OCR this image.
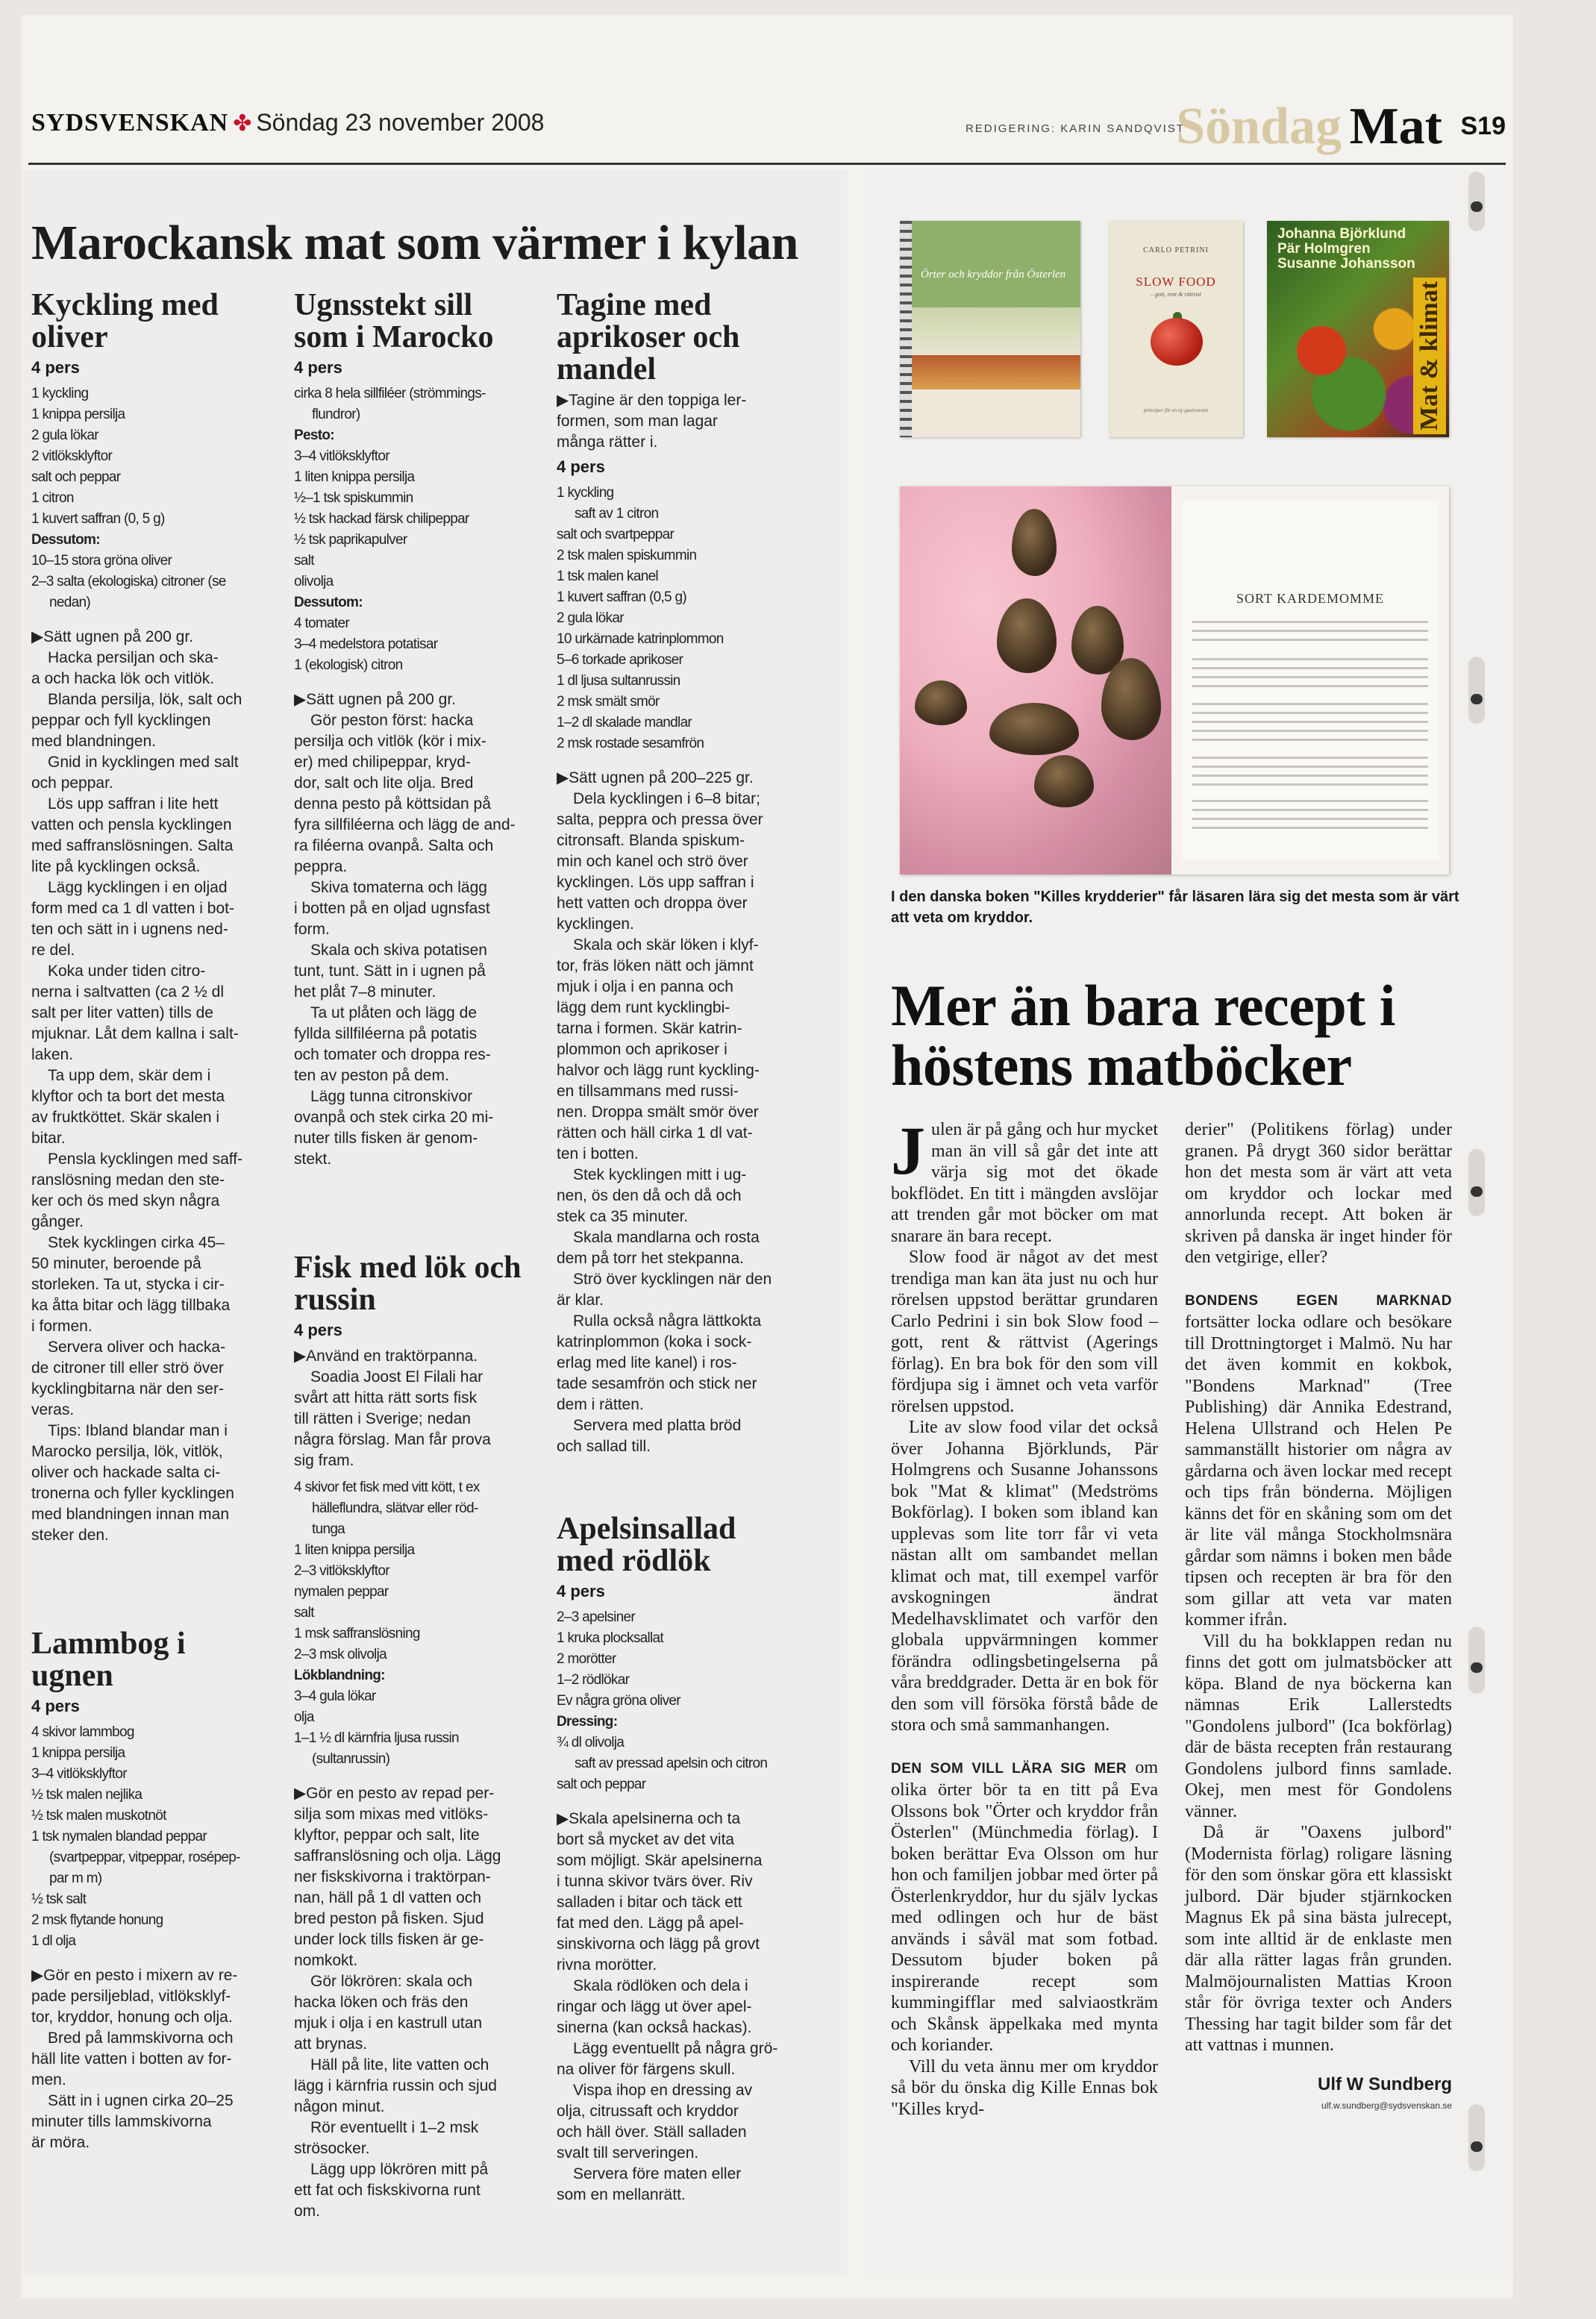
SYDSVENSKAN ✤ Söndag 23 november 2008	REDIGERING: KARIN SANDQVIST
Söndag Mat S19
Marockansk mat som värmer i kylan
Kyckling med oliver
4 pers
1 kyckling
1 knippa persilja
2 gula lökar
2 vitlöksklyftor
salt och peppar
1 citron
1 kuvert saffran (0, 5 g)
Dessutom:
10–15 stora gröna oliver
2–3 salta (ekologiska) citroner (se
nedan)

▶Sätt ugnen på 200 gr.

Hacka persiljan och ska-

a och hacka lök och vitlök.

Blanda persilja, lök, salt och

peppar och fyll kycklingen

med blandningen.

Gnid in kycklingen med salt

och peppar.

Lös upp saffran i lite hett

vatten och pensla kycklingen

med saffranslösningen. Salta

lite på kycklingen också.

Lägg kycklingen i en oljad

form med ca 1 dl vatten i bot-

ten och sätt in i ugnens ned-

re del.

Koka under tiden citro-

nerna i saltvatten (ca 2 ½ dl

salt per liter vatten) tills de

mjuknar. Låt dem kallna i salt-

laken.

Ta upp dem, skär dem i

klyftor och ta bort det mesta

av fruktköttet. Skär skalen i

bitar.

Pensla kycklingen med saff-

ranslösning medan den ste-

ker och ös med skyn några

gånger.

Stek kycklingen cirka 45–

50 minuter, beroende på

storleken. Ta ut, stycka i cir-

ka åtta bitar och lägg tillbaka

i formen.

Servera oliver och hacka-

de citroner till eller strö över

kycklingbitarna när den ser-

veras.

Tips: Ibland blandar man i

Marocko persilja, lök, vitlök,

oliver och hackade salta ci-

tronerna och fyller kycklingen

med blandningen innan man

steker den.

Ugnsstekt sill som i Marocko
4 pers
cirka 8 hela sillfiléer (strömmings-
flundror)
Pesto:
3–4 vitlöksklyftor
1 liten knippa persilja
½–1 tsk spiskummin
½ tsk hackad färsk chilipeppar
½ tsk paprikapulver
salt
olivolja
Dessutom:
4 tomater
3–4 medelstora potatisar
1 (ekologisk) citron

▶Sätt ugnen på 200 gr.

Gör peston först: hacka

persilja och vitlök (kör i mix-

er) med chilipeppar, kryd-

dor, salt och lite olja. Bred

denna pesto på köttsidan på

fyra sillfiléerna och lägg de and-

ra filéerna ovanpå. Salta och

peppra.

Skiva tomaterna och lägg

i botten på en oljad ugnsfast

form.

Skala och skiva potatisen

tunt, tunt. Sätt in i ugnen på

het plåt 7–8 minuter.

Ta ut plåten och lägg de

fyllda sillfiléerna på potatis

och tomater och droppa res-

ten av peston på dem.

Lägg tunna citronskivor

ovanpå och stek cirka 20 mi-

nuter tills fisken är genom-

stekt.

Tagine med aprikoser och mandel

▶Tagine är den toppiga ler-

formen, som man lagar

många rätter i.

4 pers
1 kyckling
saft av 1 citron
salt och svartpeppar
2 tsk malen spiskummin
1 tsk malen kanel
1 kuvert saffran (0,5 g)
2 gula lökar
10 urkärnade katrinplommon
5–6 torkade aprikoser
1 dl ljusa sultanrussin
2 msk smält smör
1–2 dl skalade mandlar
2 msk rostade sesamfrön

▶Sätt ugnen på 200–225 gr.

Dela kycklingen i 6–8 bitar;

salta, peppra och pressa över

citronsaft. Blanda spiskum-

min och kanel och strö över

kycklingen. Lös upp saffran i

hett vatten och droppa över

kycklingen.

Skala och skär löken i klyf-

tor, fräs löken nätt och jämnt

mjuk i olja i en panna och

lägg dem runt kycklingbi-

tarna i formen. Skär katrin-

plommon och aprikoser i

halvor och lägg runt kyckling-

en tillsammans med russi-

nen. Droppa smält smör över

rätten och häll cirka 1 dl vat-

ten i botten.

Stek kycklingen mitt i ug-

nen, ös den då och då och

stek ca 35 minuter.

Skala mandlarna och rosta

dem på torr het stekpanna.

Strö över kycklingen när den

är klar.

Rulla också några lättkokta

katrinplommon (koka i sock-

erlag med lite kanel) i ros-

tade sesamfrön och stick ner

dem i rätten.

Servera med platta bröd

och sallad till.

Lammbog i ugnen
4 pers
4 skivor lammbog
1 knippa persilja
3–4 vitlöksklyftor
½ tsk malen nejlika
½ tsk malen muskotnöt
1 tsk nymalen blandad peppar
(svartpeppar, vitpeppar, rosépep-
par m m)
½ tsk salt
2 msk flytande honung
1 dl olja

▶Gör en pesto i mixern av re-

pade persiljeblad, vitlöksklyf-

tor, kryddor, honung och olja.

Bred på lammskivorna och

häll lite vatten i botten av for-

men.

Sätt in i ugnen cirka 20–25

minuter tills lammskivorna

är möra.

Fisk med lök och russin
4 pers

▶Använd en traktörpanna.

Soadia Joost El Filali har

svårt att hitta rätt sorts fisk

till rätten i Sverige; nedan

några förslag. Man får prova

sig fram.

4 skivor fet fisk med vitt kött, t ex
hälleflundra, slätvar eller röd-
tunga
1 liten knippa persilja
2–3 vitlöksklyftor
nymalen peppar
salt
1 msk saffranslösning
2–3 msk olivolja
Lökblandning:
3–4 gula lökar
olja
1–1 ½ dl kärnfria ljusa russin
(sultanrussin)

▶Gör en pesto av repad per-

silja som mixas med vitlöks-

klyftor, peppar och salt, lite

saffranslösning och olja. Lägg

ner fiskskivorna i traktörpan-

nan, häll på 1 dl vatten och

bred peston på fisken. Sjud

under lock tills fisken är ge-

nomkokt.

Gör lökrören: skala och

hacka löken och fräs den

mjuk i olja i en kastrull utan

att brynas.

Häll på lite, lite vatten och

lägg i kärnfria russin och sjud

någon minut.

Rör eventuellt i 1–2 msk

strösocker.

Lägg upp lökrören mitt på

ett fat och fiskskivorna runt

om.

Apelsinsallad med rödlök
4 pers
2–3 apelsiner
1 kruka plocksallat
2 morötter
1–2 rödlökar
Ev några gröna oliver
Dressing:
¾ dl olivolja
saft av pressad apelsin och citron
salt och peppar

▶Skala apelsinerna och ta

bort så mycket av det vita

som möjligt. Skär apelsinerna

i tunna skivor tvärs över. Riv

salladen i bitar och täck ett

fat med den. Lägg på apel-

sinskivorna och lägg på grovt

rivna morötter.

Skala rödlöken och dela i

ringar och lägg ut över apel-

sinerna (kan också hackas).

Lägg eventuellt på några grö-

na oliver för färgens skull.

Vispa ihop en dressing av

olja, citrussaft och kryddor

och häll över. Ställ salladen

svalt till serveringen.

Servera före maten eller

som en mellanrätt.

Örter och kryddor från Österlen
CARLO PETRINI
SLOW FOOD
– gott, rent & rättvist
principer för en ny gastronomi
Johanna Björklund
Pär Holmgren
Susanne Johansson
Mat & klimat
SORT KARDEMOMME

I den danska boken "Killes krydderier" får läsaren lära sig det mesta som är värt att veta om kryddor.

Mer än bara recept i höstens matböcker

Julen är på gång och hur mycket man än vill så går det inte att värja sig mot det ökade bokflödet. En titt i mängden avslöjar att trenden går mot böcker om mat snarare än bara recept.

Slow food är något av det mest trendiga man kan äta just nu och hur rörelsen uppstod berättar grundaren Carlo Pedrini i sin bok Slow food – gott, rent & rättvist (Agerings förlag). En bra bok för den som vill fördjupa sig i ämnet och veta varför rörelsen uppstod.

Lite av slow food vilar det också över Johanna Björklunds, Pär Holmgrens och Susanne Johanssons bok "Mat & klimat" (Medströms Bokförlag). I boken som ibland kan upplevas som lite torr får vi veta nästan allt om sambandet mellan klimat och mat, till exempel varför avskogningen ändrat Medelhavsklimatet och varför den globala uppvärmningen kommer förändra odlingsbetingelserna på våra breddgrader. Detta är en bok för den som vill försöka förstå både de stora och små sammanhangen.

DEN SOM VILL LÄRA SIG MER om olika örter bör ta en titt på Eva Olssons bok "Örter och kryddor från Österlen" (Münchmedia förlag). I boken berättar Eva Olsson om hur hon och familjen jobbar med örter på Österlenkryddor, hur du själv lyckas med odlingen och hur de bäst används i såväl mat som fotbad. Dessutom bjuder boken på inspirerande recept som kummingifflar med salviaostkräm och Skånsk äppelkaka med mynta och koriander.

Vill du veta ännu mer om kryddor så bör du önska dig Kille Ennas bok "Killes kryd-

derier" (Politikens förlag) under granen. På drygt 360 sidor berättar hon det mesta som är värt att veta om kryddor och lockar med annorlunda recept. Att boken är skriven på danska är inget hinder för den vetgirige, eller?

BONDENS EGEN MARKNAD fortsätter locka odlare och besökare till Drottningtorget i Malmö. Nu har det även kommit en kokbok, "Bondens Marknad" (Tree Publishing) där Annika Edestrand, Helena Ullstrand och Helen Pe sammanställt historier om några av gårdarna och även lockar med recept och tips från bönderna. Möjligen känns det för en skåning som om det är lite väl många Stockholmsnära gårdar som nämns i boken men både tipsen och recepten är bra för den som gillar att veta var maten kommer ifrån.

Vill du ha bokklappen redan nu finns det gott om julmatsböcker att köpa. Bland de nya böckerna kan nämnas Erik Lallerstedts "Gondolens julbord" (Ica bokförlag) där de bästa recepten från restaurang Gondolens julbord finns samlade. Okej, men mest för Gondolens vänner.

Då är "Oaxens julbord" (Modernista förlag) roligare läsning för den som önskar göra ett klassiskt julbord. Där bjuder stjärnkocken Magnus Ek på sina bästa julrecept, som inte alltid är de enklaste men där alla rätter lagas från grunden. Malmöjournalisten Mattias Kroon står för övriga texter och Anders Thessing har tagit bilder som får det att vattnas i munnen.

Ulf W Sundberg

ulf.w.sundberg@sydsvenskan.se
